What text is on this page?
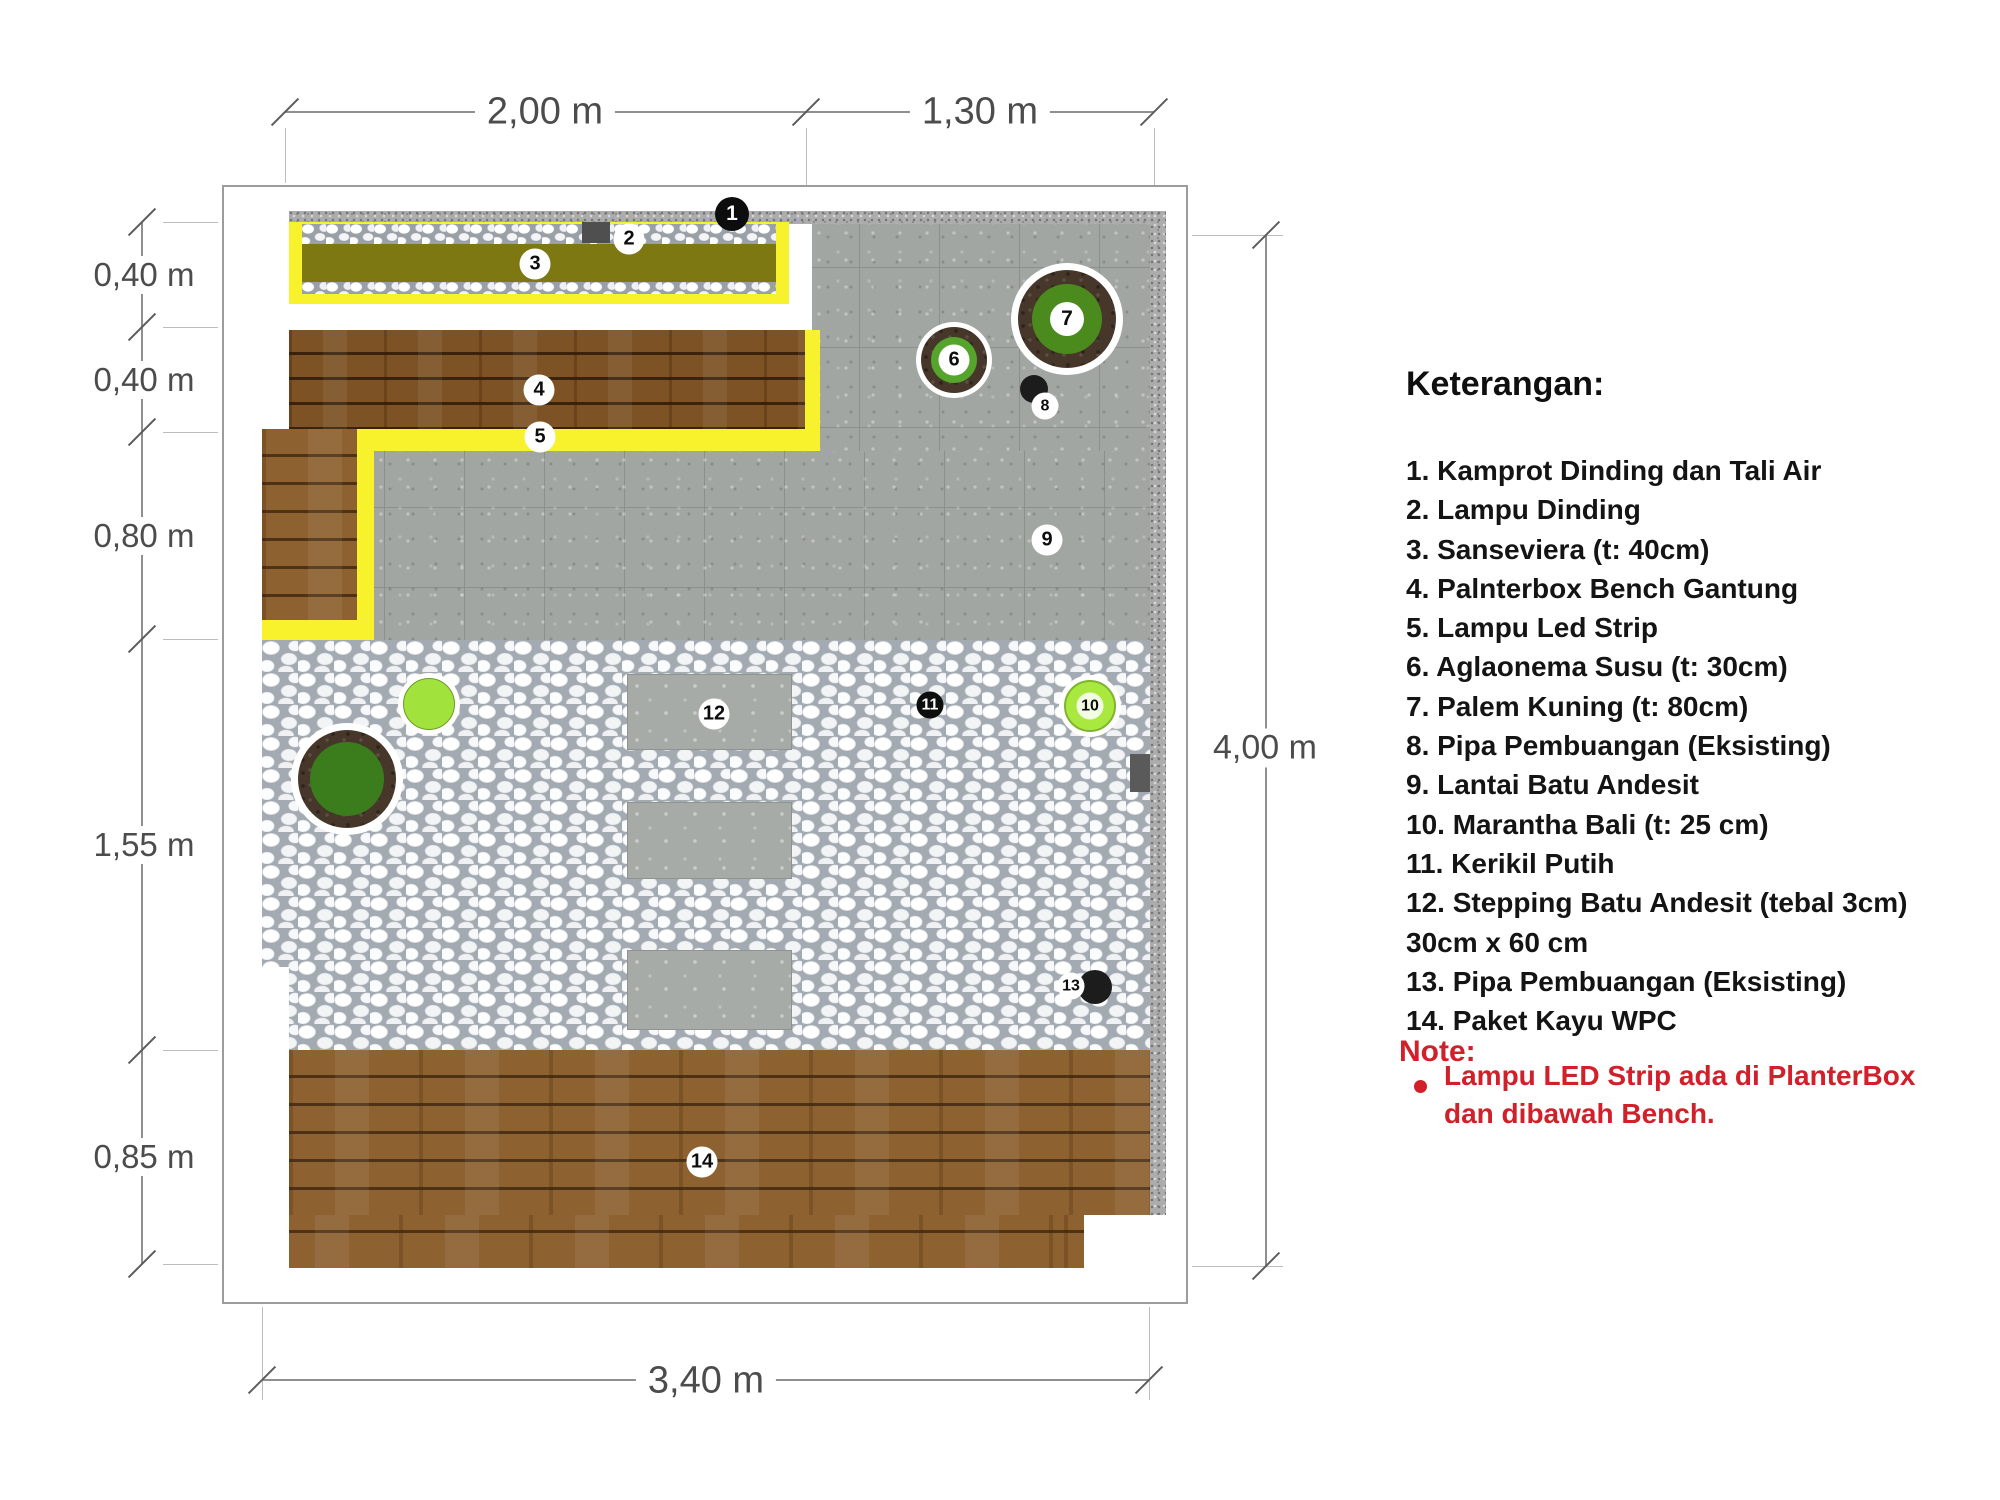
2,00 m	1,30 m
0,40 m
0,40 m
0,80 m
1,55 m
0,85 m
4,00 m
3,40 m
1
2
3
4
5
6
7
8
9
10
11
12
13
14
Keterangan:
1. Kamprot Dinding dan Tali Air
2. Lampu Dinding
3. Sanseviera (t: 40cm)
4. Palnterbox Bench Gantung
5. Lampu Led Strip
6. Aglaonema Susu (t: 30cm)
7. Palem Kuning (t: 80cm)
8. Pipa Pembuangan (Eksisting)
9. Lantai Batu Andesit
10. Marantha Bali (t: 25 cm)
11. Kerikil Putih
12. Stepping Batu Andesit (tebal 3cm)
30cm x 60 cm
13. Pipa Pembuangan (Eksisting)
14. Paket Kayu WPC
Note:
Lampu LED Strip ada di PlanterBox
dan dibawah Bench.
